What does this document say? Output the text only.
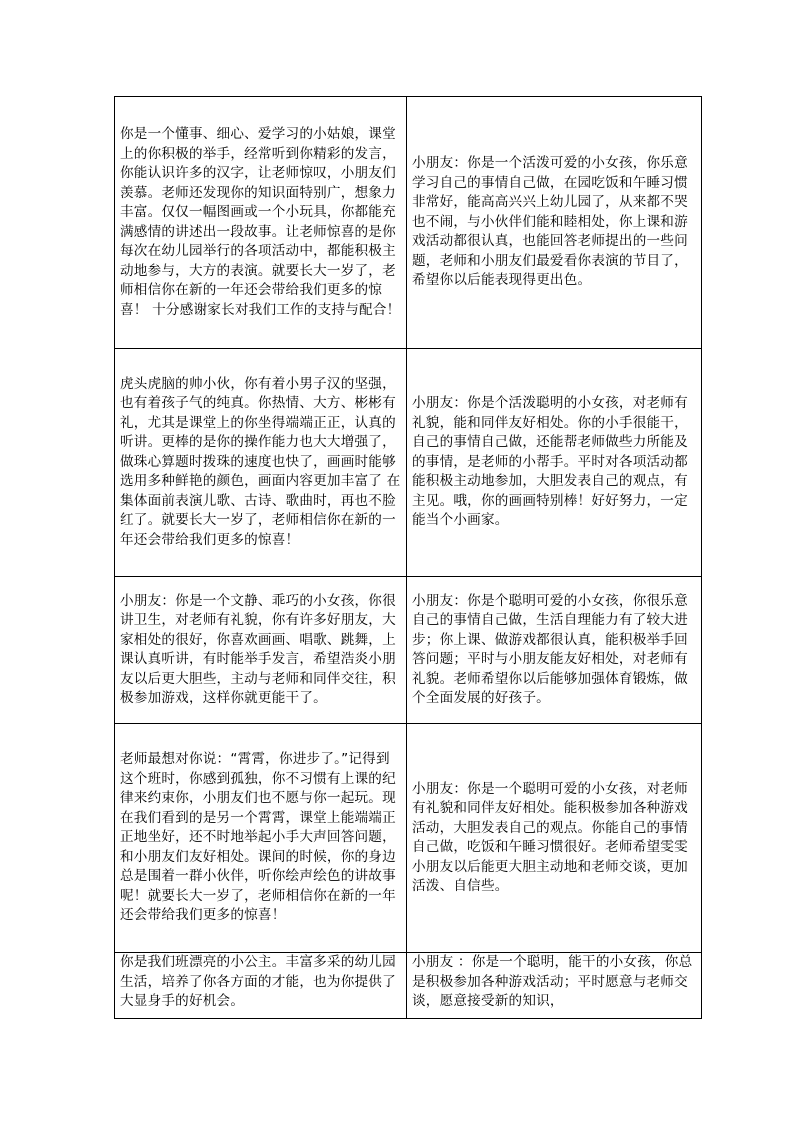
你是一个懂事、细心、爱学习的小姑娘，课堂上的你积极的举手，经常听到你精彩的发言，你能认识许多的汉字，让老师惊叹，小朋友们羡慕。老师还发现你的知识面特别广，想象力丰富。仅仅一幅图画或一个小玩具，你都能充满感情的讲述出一段故事。让老师惊喜的是你每次在幼儿园举行的各项活动中，都能积极主动地参与，大方的表演。就要长大一岁了，老师相信你在新的一年还会带给我们更多的惊喜！ 十分感谢家长对我们工作的支持与配合！	小朋友：你是一个活泼可爱的小女孩，你乐意学习自己的事情自己做，在园吃饭和午睡习惯非常好，能高高兴兴上幼儿园了，从来都不哭也不闹，与小伙伴们能和睦相处，你上课和游戏活动都很认真，也能回答老师提出的一些问题，老师和小朋友们最爱看你表演的节目了，希望你以后能表现得更出色。

虎头虎脑的帅小伙，你有着小男子汉的坚强，也有着孩子气的纯真。你热情、大方、彬彬有礼，尤其是课堂上的你坐得端端正正，认真的听讲。更棒的是你的操作能力也大大增强了，做珠心算题时拨珠的速度也快了，画画时能够选用多种鲜艳的颜色，画面内容更加丰富了 在集体面前表演儿歌、古诗、歌曲时，再也不脸红了。就要长大一岁了，老师相信你在新的一年还会带给我们更多的惊喜！	小朋友：你是个活泼聪明的小女孩，对老师有礼貌，能和同伴友好相处。你的小手很能干，自己的事情自己做，还能帮老师做些力所能及的事情，是老师的小帮手。平时对各项活动都能积极主动地参加，大胆发表自己的观点，有主见。哦，你的画画特别棒！好好努力，一定能当个小画家。

小朋友：你是一个文静、乖巧的小女孩，你很讲卫生，对老师有礼貌，你有许多好朋友，大家相处的很好，你喜欢画画、唱歌、跳舞，上课认真听讲，有时能举手发言，希望浩炎小朋友以后更大胆些，主动与老师和同伴交往，积极参加游戏，这样你就更能干了。	小朋友：你是个聪明可爱的小女孩，你很乐意自己的事情自己做，生活自理能力有了较大进步；你上课、做游戏都很认真，能积极举手回答问题；平时与小朋友能友好相处，对老师有礼貌。老师希望你以后能够加强体育锻炼，做个全面发展的好孩子。

老师最想对你说：“霄霄，你进步了。”记得到这个班时，你感到孤独，你不习惯有上课的纪律来约束你，小朋友们也不愿与你一起玩。现在我们看到的是另一个霄霄，课堂上能端端正正地坐好，还不时地举起小手大声回答问题，和小朋友们友好相处。课间的时候，你的身边总是围着一群小伙伴，听你绘声绘色的讲故事呢！就要长大一岁了，老师相信你在新的一年还会带给我们更多的惊喜！	小朋友：你是一个聪明可爱的小女孩，对老师有礼貌和同伴友好相处。能积极参加各种游戏活动，大胆发表自己的观点。你能自己的事情自己做，吃饭和午睡习惯很好。老师希望雯雯小朋友以后能更大胆主动地和老师交谈，更加活泼、自信些。

你是我们班漂亮的小公主。丰富多采的幼儿园生活，培养了你各方面的才能，也为你提供了大显身手的好机会。	小朋友 ：你是一个聪明，能干的小女孩，你总是积极参加各种游戏活动；平时愿意与老师交谈，愿意接受新的知识，
